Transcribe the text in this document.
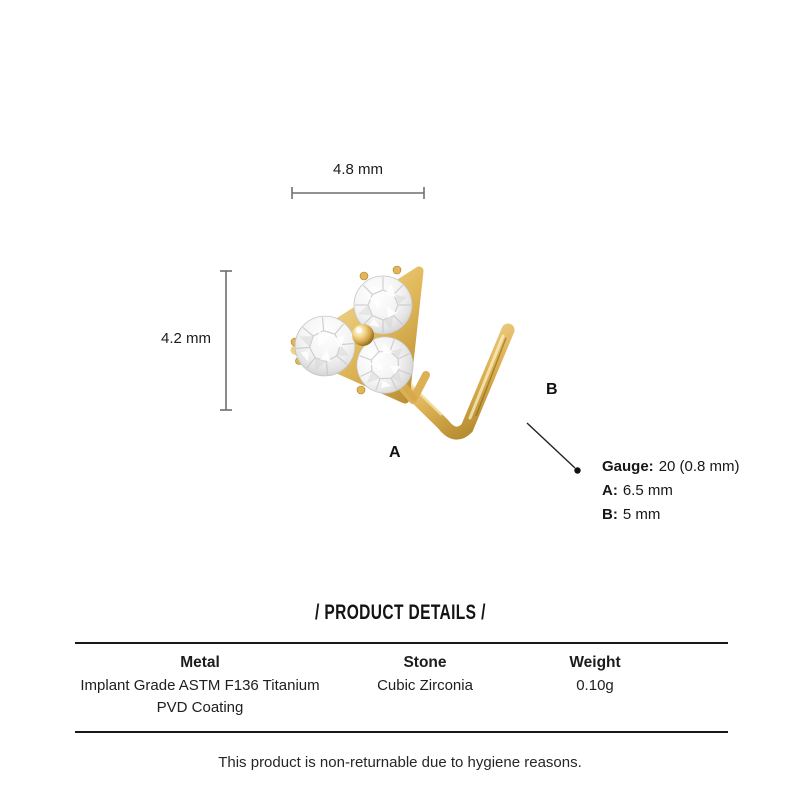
4.8 mm
4.2 mm
A
B
Gauge: 20 (0.8 mm)
A: 6.5 mm
B: 5 mm
/ PRODUCT DETAILS /
Metal
Implant Grade ASTM F136 Titanium
PVD Coating
Stone
Cubic Zirconia
Weight
0.10g
This product is non-returnable due to hygiene reasons.
